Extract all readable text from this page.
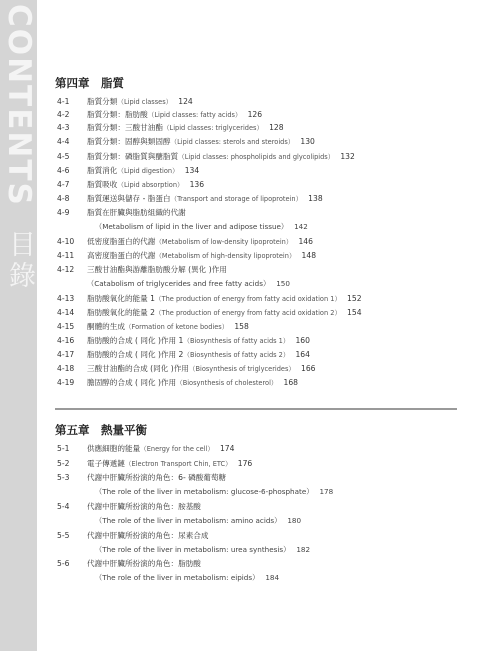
CONTENTS
目錄
第四章　脂質
4-1 脂質分類（Lipid classes） 124
4-2 脂質分類：脂肪酸（Lipid classes: fatty acids） 126
4-3 脂質分類：三酸甘油酯（Lipid classes: triglycerides） 128
4-4 脂質分類：固醇與類固醇（Lipid classes: sterols and steroids） 130
4-5 脂質分類：磷脂質與醣脂質（Lipid classes: phospholipids and glycolipids） 132
4-6 脂質消化（Lipid digestion） 134
4-7 脂質吸收（Lipid absorption） 136
4-8 脂質運送與儲存 - 脂蛋白（Transport and storage of lipoprotein） 138
4-9 脂質在肝臟與脂肪組織的代謝
（Metabolism of lipid in the liver and adipose tissue） 142
4-10 低密度脂蛋白的代謝（Metabolism of low-density lipoprotein） 146
4-11 高密度脂蛋白的代謝（Metabolism of high-density lipoprotein） 148
4-12 三酸甘油酯與游離脂肪酸分解 (異化 )作用
（Catabolism of triglycerides and free fatty acids） 150
4-13 脂肪酸氧化的能量 1（The production of energy from fatty acid oxidation 1） 152
4-14 脂肪酸氧化的能量 2（The production of energy from fatty acid oxidation 2） 154
4-15 酮體的生成（Formation of ketone bodies） 158
4-16 脂肪酸的合成 ( 同化 )作用 1（Biosynthesis of fatty acids 1） 160
4-17 脂肪酸的合成 ( 同化 )作用 2（Biosynthesis of fatty acids 2） 164
4-18 三酸甘油酯的合成 (同化 )作用（Biosynthesis of triglycerides） 166
4-19 膽固醇的合成 ( 同化 )作用（Biosynthesis of cholesterol） 168
第五章　熱量平衡
5-1 供應細胞的能量（Energy for the cell） 174
5-2 電子傳遞鏈（Electron Transport Chin, ETC） 176
5-3 代謝中肝臟所扮演的角色：6- 磷酸葡萄糖
（The role of the liver in metabolism: glucose-6-phosphate） 178
5-4 代謝中肝臟所扮演的角色：胺基酸
（The role of the liver in metabolism: amino acids） 180
5-5 代謝中肝臟所扮演的角色：尿素合成
（The role of the liver in metabolism: urea synthesis） 182
5-6 代謝中肝臟所扮演的角色：脂肪酸
（The role of the liver in metabolism: eipids） 184
